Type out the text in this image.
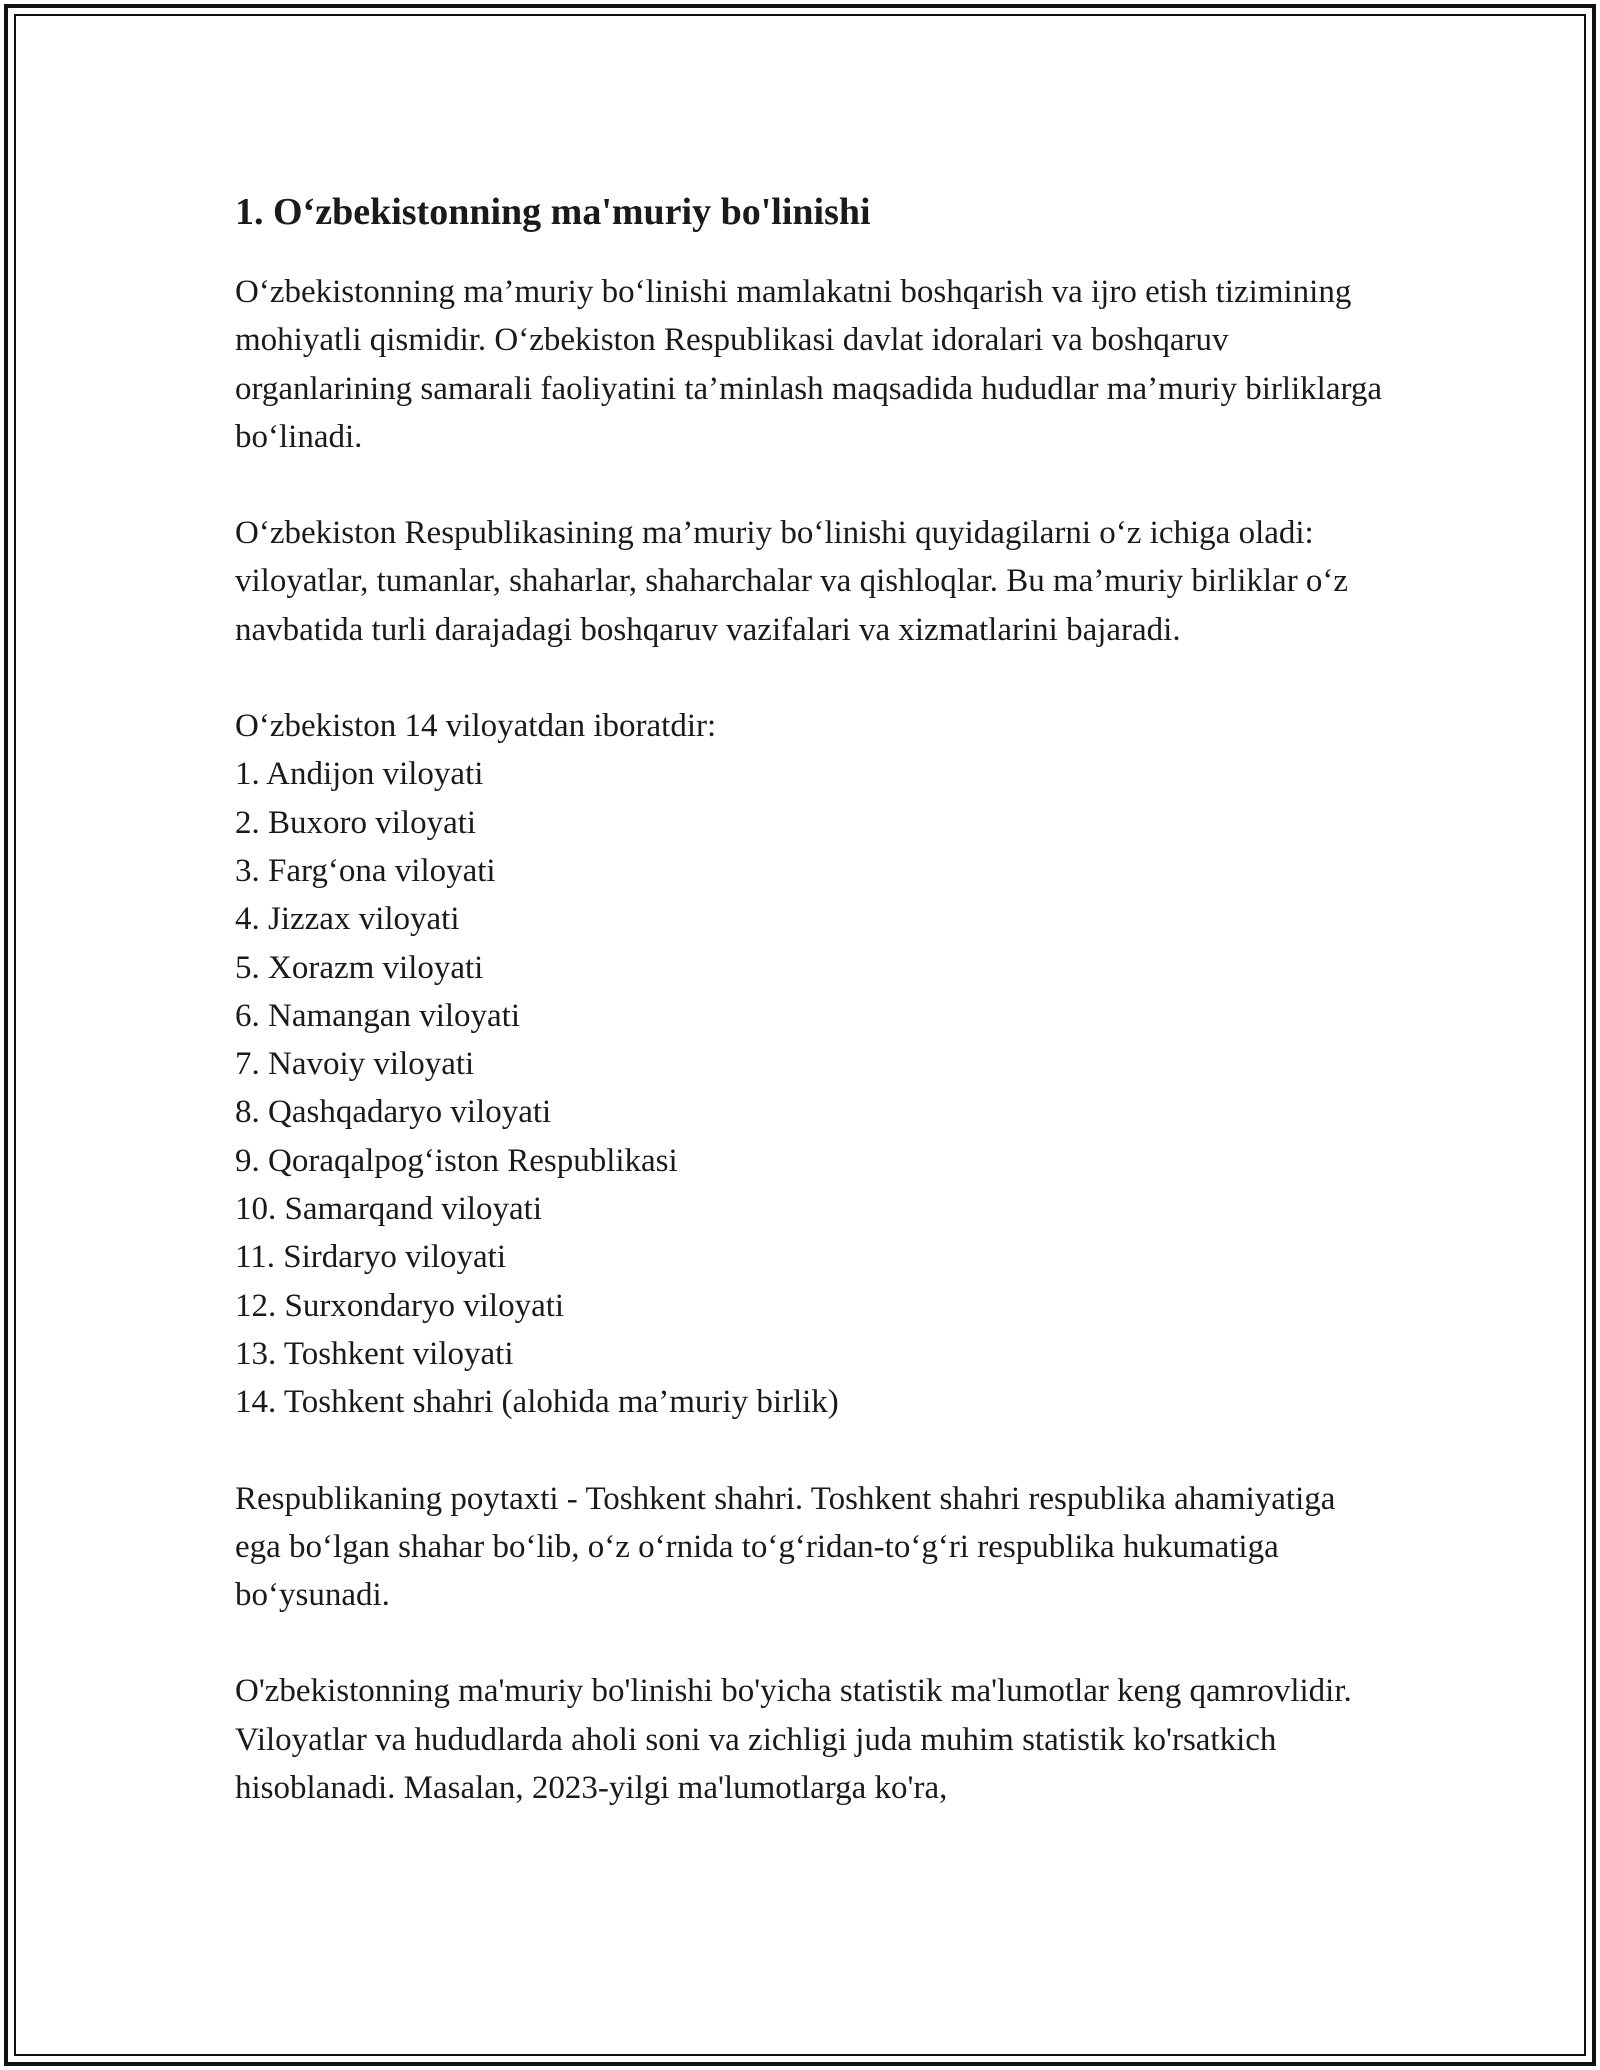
1. O‘zbekistonning ma'muriy bo'linishi

O‘zbekistonning ma’muriy bo‘linishi mamlakatni boshqarish va ijro etish tizimining mohiyatli qismidir. O‘zbekiston Respublikasi davlat idoralari va boshqaruv organlarining samarali faoliyatini ta’minlash maqsadida hududlar ma’muriy birliklarga bo‘linadi.

O‘zbekiston Respublikasining ma’muriy bo‘linishi quyidagilarni o‘z ichiga oladi: viloyatlar, tumanlar, shaharlar, shaharchalar va qishloqlar. Bu ma’muriy birliklar o‘z navbatida turli darajadagi boshqaruv vazifalari va xizmatlarini bajaradi.

O‘zbekiston 14 viloyatdan iboratdir:
1. Andijon viloyati
2. Buxoro viloyati
3. Farg‘ona viloyati
4. Jizzax viloyati
5. Xorazm viloyati
6. Namangan viloyati
7. Navoiy viloyati
8. Qashqadaryo viloyati
9. Qoraqalpog‘iston Respublikasi
10. Samarqand viloyati
11. Sirdaryo viloyati
12. Surxondaryo viloyati
13. Toshkent viloyati
14. Toshkent shahri (alohida ma’muriy birlik)

Respublikaning poytaxti - Toshkent shahri. Toshkent shahri respublika ahamiyatiga ega bo‘lgan shahar bo‘lib, o‘z o‘rnida to‘g‘ridan-to‘g‘ri respublika hukumatiga bo‘ysunadi.

O'zbekistonning ma'muriy bo'linishi bo'yicha statistik ma'lumotlar keng qamrovlidir. Viloyatlar va hududlarda aholi soni va zichligi juda muhim statistik ko'rsatkich hisoblanadi. Masalan, 2023-yilgi ma'lumotlarga ko'ra,
